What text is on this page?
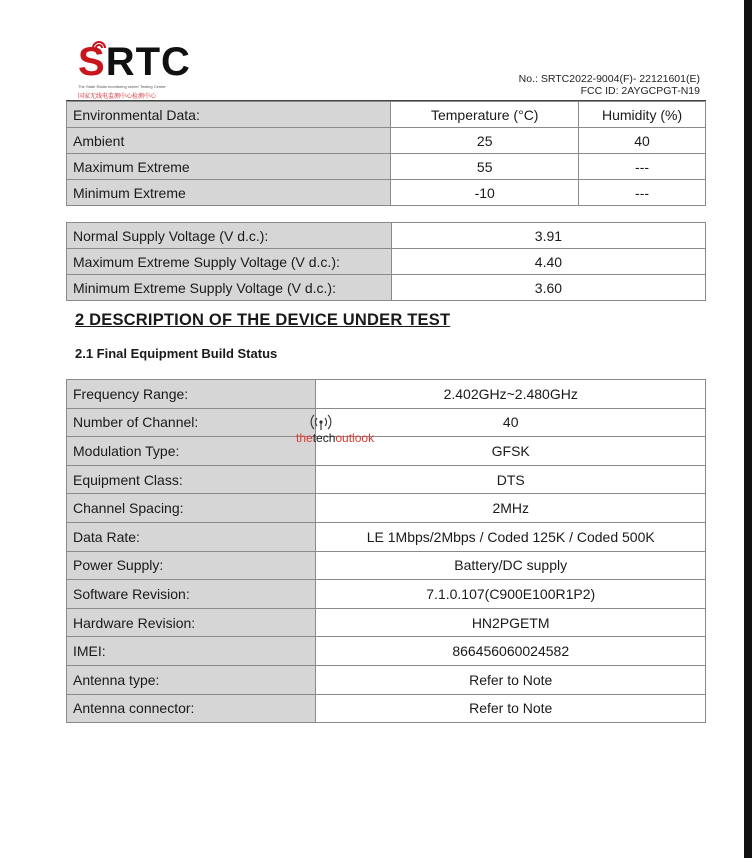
SRTC
The State Radio monitoring center Testing Center
国家无线电监测中心检测中心
No.: SRTC2022-9004(F)- 22121601(E)
FCC ID: 2AYGCPGT-N19
Environmental Data:	Temperature (°C)	Humidity (%)
Ambient	25	40
Maximum Extreme	55	---
Minimum Extreme	-10	---
Normal Supply Voltage (V d.c.):	3.91
Maximum Extreme Supply Voltage (V d.c.):	4.40
Minimum Extreme Supply Voltage (V d.c.):	3.60
2 DESCRIPTION OF THE DEVICE UNDER TEST
2.1 Final Equipment Build Status
Frequency Range:	2.402GHz~2.480GHz
Number of Channel:	40
Modulation Type:	GFSK
Equipment Class:	DTS
Channel Spacing:	2MHz
Data Rate:	LE 1Mbps/2Mbps / Coded 125K / Coded 500K
Power Supply:	Battery/DC supply
Software Revision:	7.1.0.107(C900E100R1P2)
Hardware Revision:	HN2PGETM
IMEI:	866456060024582
Antenna type:	Refer to Note
Antenna connector:	Refer to Note
thetechoutlook
